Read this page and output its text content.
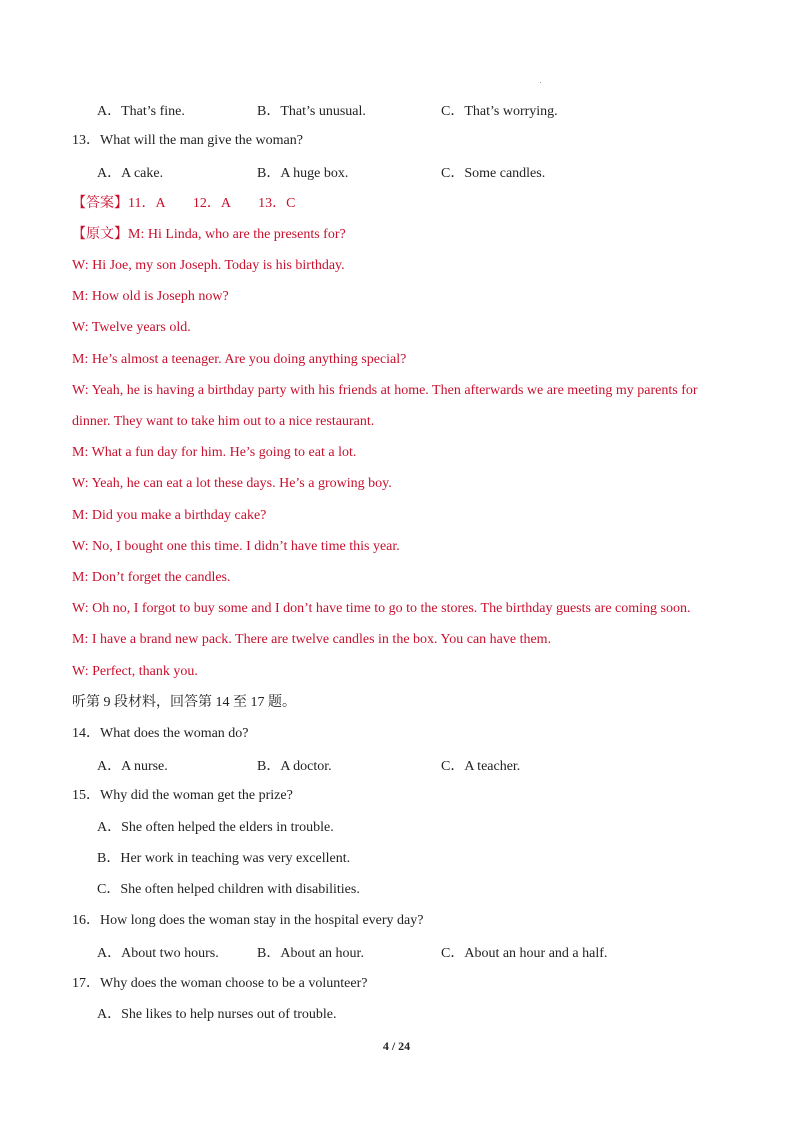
A．That’s fine.	B．That’s unusual.	C．That’s worrying.
13．What will the man give the woman?
A．A cake.	B．A huge box.	C．Some candles.
【答案】11．A　　12．A　　13．C
【原文】M: Hi Linda, who are the presents for?
W: Hi Joe, my son Joseph. Today is his birthday.
M: How old is Joseph now?
W: Twelve years old.
M: He’s almost a teenager. Are you doing anything special?
W: Yeah, he is having a birthday party with his friends at home. Then afterwards we are meeting my parents for
dinner. They want to take him out to a nice restaurant.
M: What a fun day for him. He’s going to eat a lot.
W: Yeah, he can eat a lot these days. He’s a growing boy.
M: Did you make a birthday cake?
W: No, I bought one this time. I didn’t have time this year.
M: Don’t forget the candles.
W: Oh no, I forgot to buy some and I don’t have time to go to the stores. The birthday guests are coming soon.
M: I have a brand new pack. There are twelve candles in the box. You can have them.
W: Perfect, thank you.
听第 9 段材料，回答第 14 至 17 题。
14．What does the woman do?
A．A nurse.	B．A doctor.	C．A teacher.
15．Why did the woman get the prize?
A．She often helped the elders in trouble.
B．Her work in teaching was very excellent.
C．She often helped children with disabilities.
16．How long does the woman stay in the hospital every day?
A．About two hours.	B．About an hour.	C．About an hour and a half.
17．Why does the woman choose to be a volunteer?
A．She likes to help nurses out of trouble.
4 / 24
